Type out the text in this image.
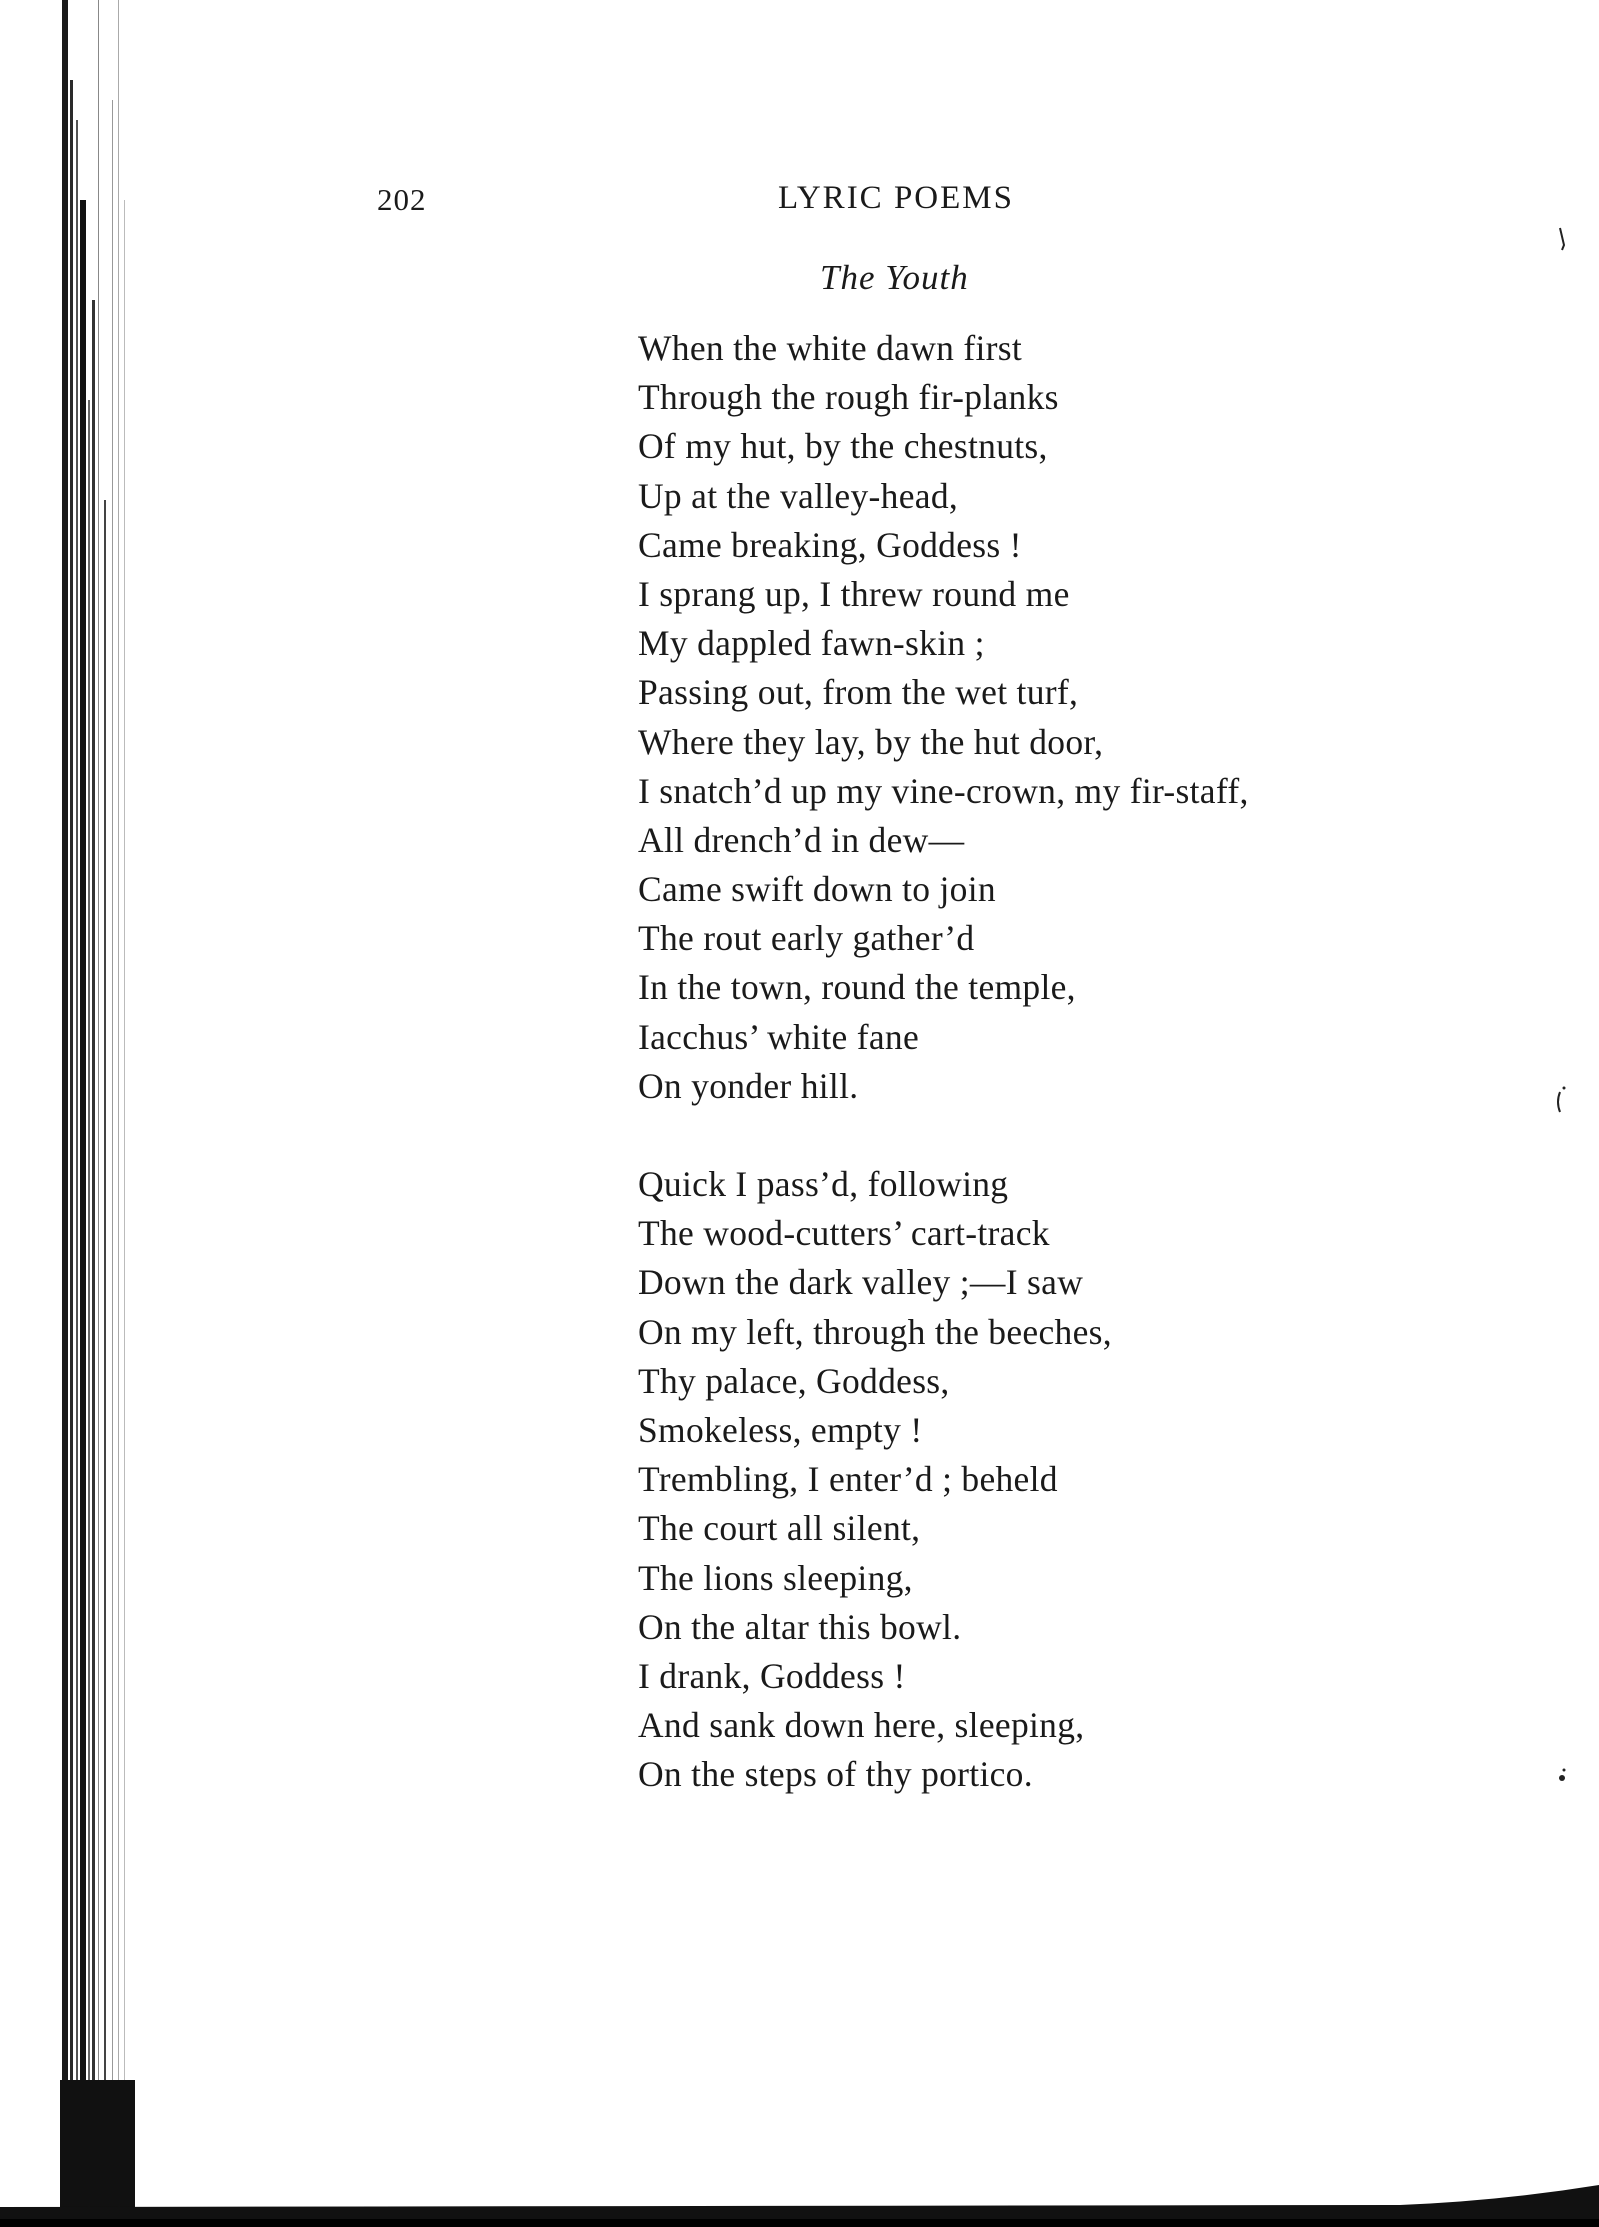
202	LYRIC POEMS
The Youth
When the white dawn first
Through the rough fir-planks
Of my hut, by the chestnuts,
Up at the valley-head,
Came breaking, Goddess !
I sprang up, I threw round me
My dappled fawn-skin ;
Passing out, from the wet turf,
Where they lay, by the hut door,
I snatch’d up my vine-crown, my fir-staff,
All drench’d in dew—
Came swift down to join
The rout early gather’d
In the town, round the temple,
Iacchus’ white fane
On yonder hill.
Quick I pass’d, following
The wood-cutters’ cart-track
Down the dark valley ;—I saw
On my left, through the beeches,
Thy palace, Goddess,
Smokeless, empty !
Trembling, I enter’d ; beheld
The court all silent,
The lions sleeping,
On the altar this bowl.
I drank, Goddess !
And sank down here, sleeping,
On the steps of thy portico.
